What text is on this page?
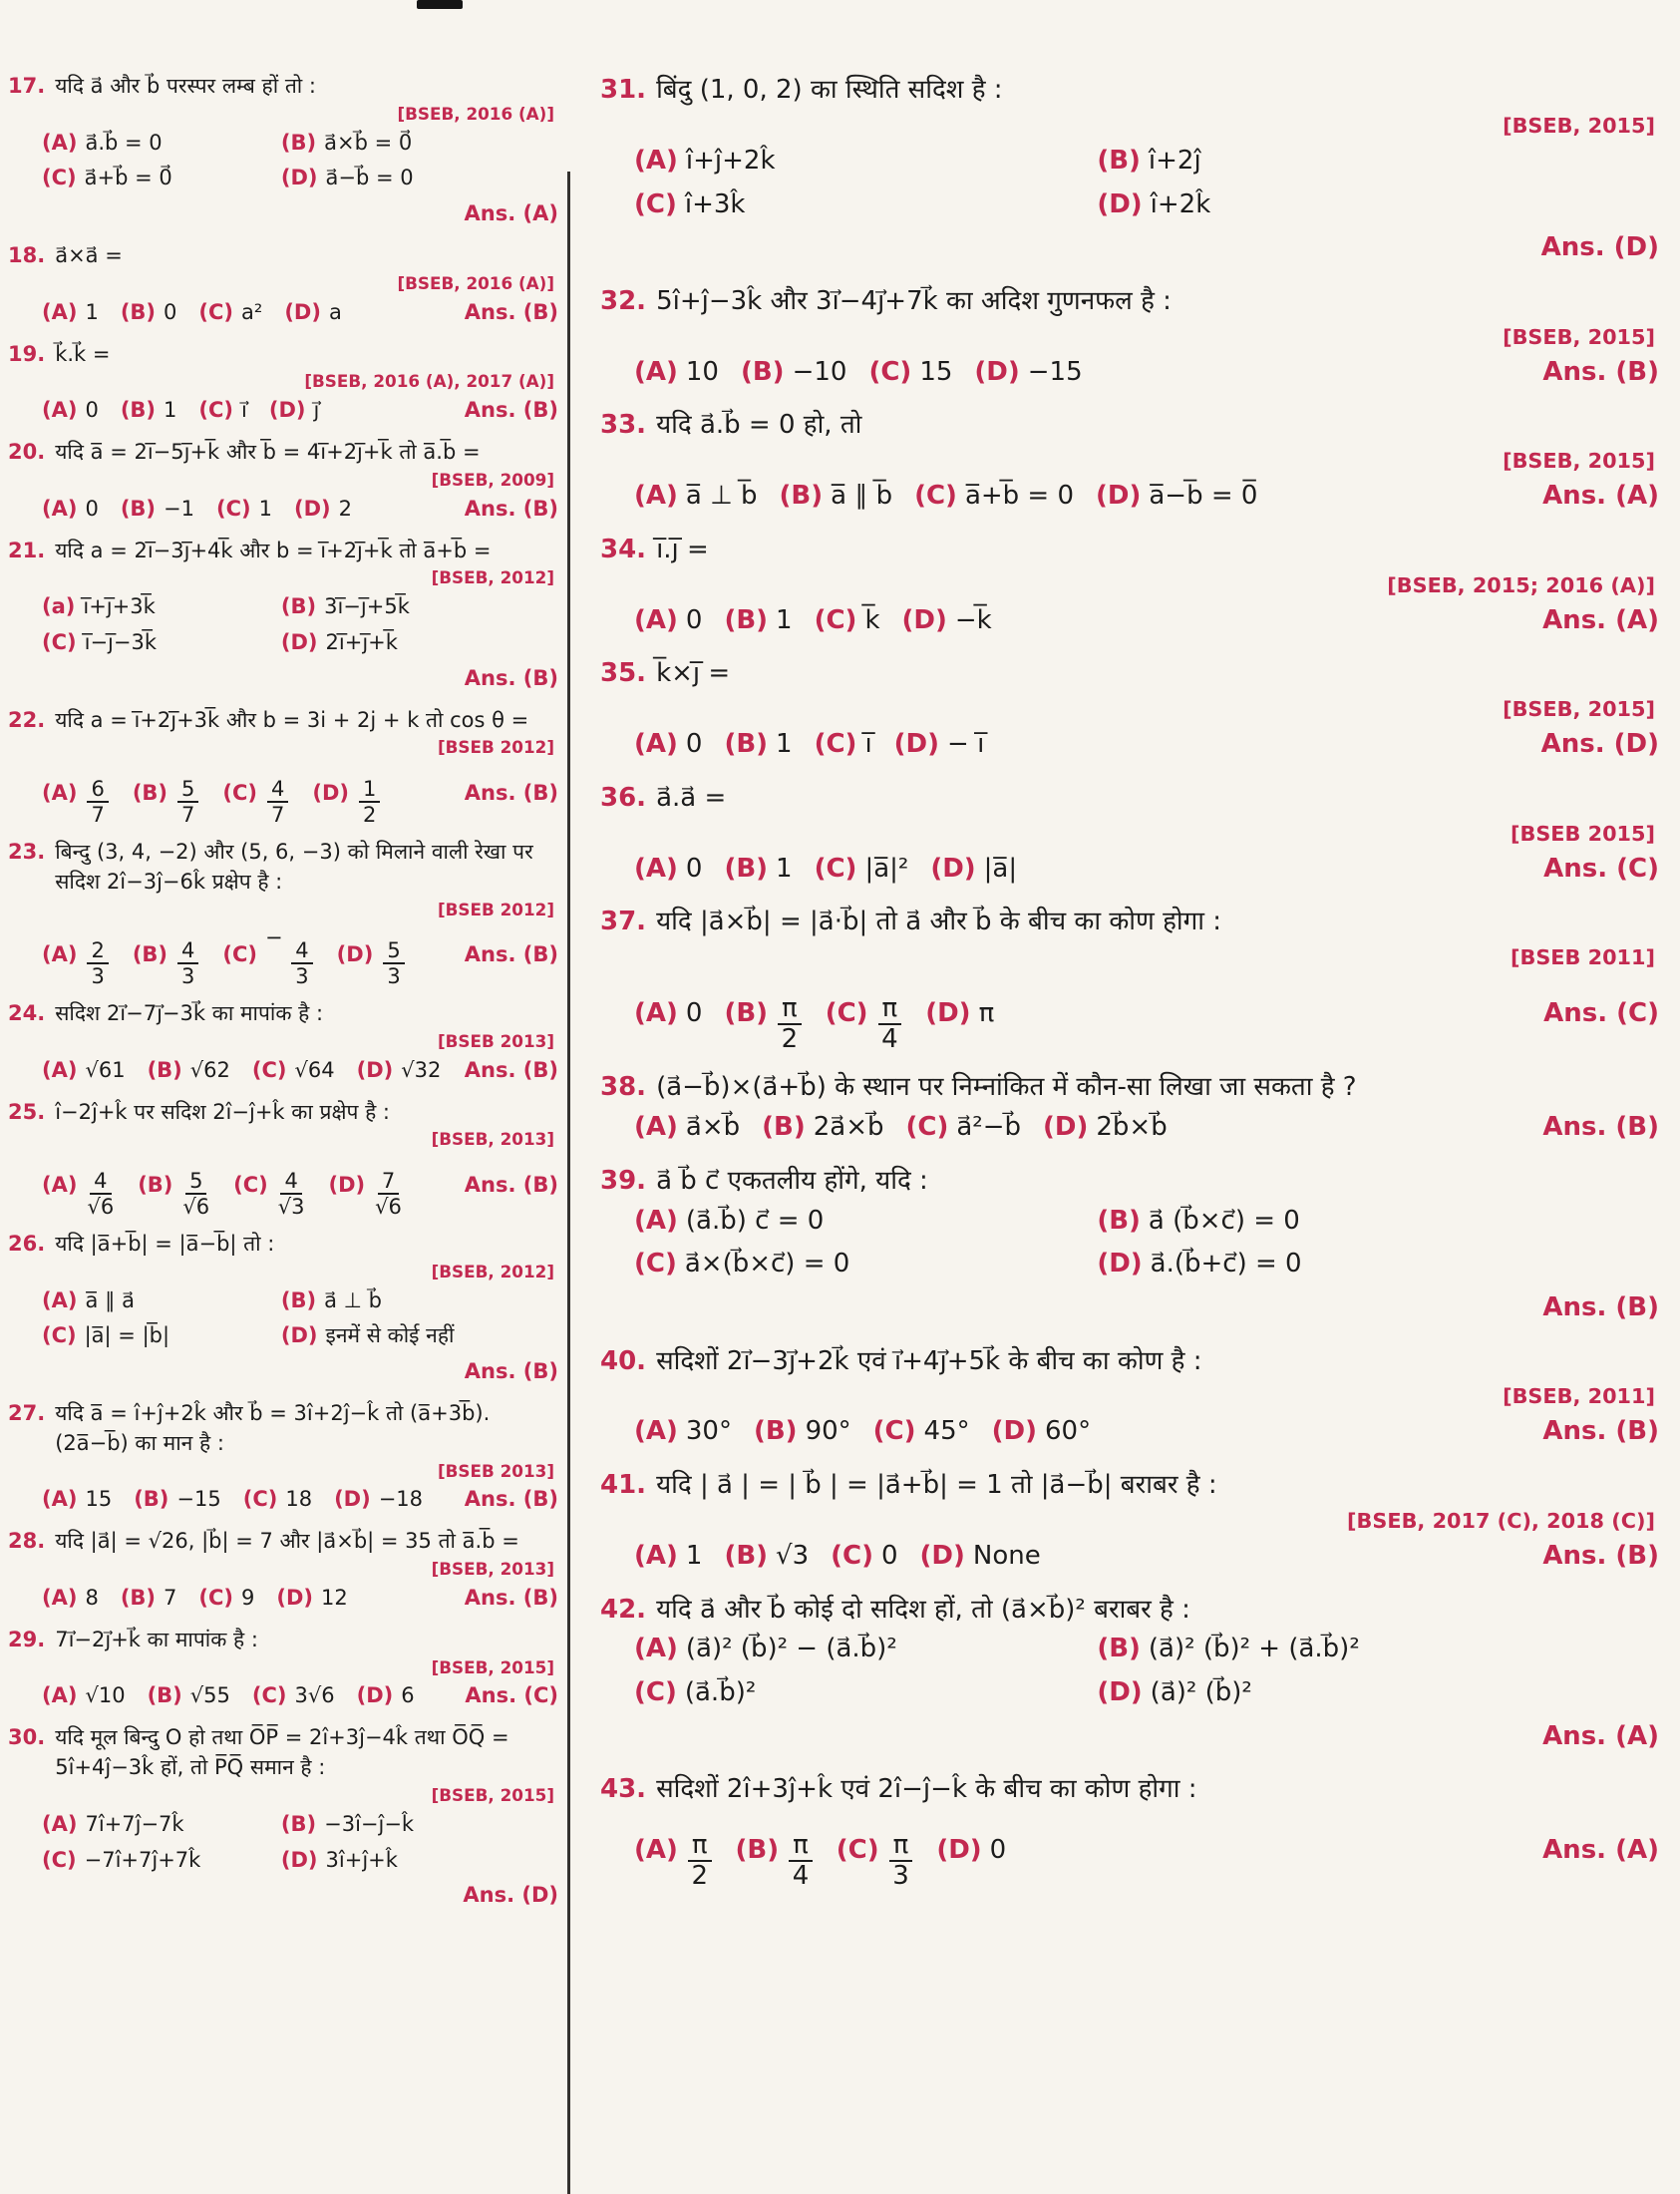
17. यदि a⃗ और b⃗ परस्पर लम्ब हों तो :
[BSEB, 2016 (A)]
(A) a⃗.b⃗ = 0	(B) a⃗×b⃗ = 0⃗
(C) a⃗+b⃗ = 0⃗	(D) a⃗−b⃗ = 0
Ans. (A)
18. a⃗×a⃗ =
[BSEB, 2016 (A)]
(A) 1 (B) 0 (C) a² (D) a	Ans. (B)
19. k⃗.k⃗ =
[BSEB, 2016 (A), 2017 (A)]
(A) 0 (B) 1 (C) i⃗ (D) j⃗	Ans. (B)
20. यदि a̅ = 2i̅−5j̅+k̅ और b̅ = 4i̅+2j̅+k̅ तो a̅.b̅ =
[BSEB, 2009]
(A) 0 (B) −1 (C) 1 (D) 2	Ans. (B)
21. यदि a = 2i̅−3j̅+4k̅ और b = i̅+2j̅+k̅ तो a̅+b̅ =
[BSEB, 2012]
(a) i̅+j̅+3k̅	(B) 3i̅−j̅+5k̅
(C) i̅−j̅−3k̅	(D) 2i̅+j̅+k̅
Ans. (B)
22. यदि a = i̅+2j̅+3k̅ और b = 3i + 2j + k तो cos θ =
[BSEB 2012]
$(A) \frac{6}{7} (B) \frac{5}{7} (C) \frac{4}{7} (D) \frac{1}{2}$	Ans. (B)
23. बिन्दु (3, 4, −2) और (5, 6, −3) को मिलाने वाली रेखा पर सदिश 2î−3ĵ−6k̂ प्रक्षेप है :
[BSEB 2012]
$(A) \frac{2}{3} (B) \frac{4}{3} (C)$
−
$\frac{4}{3} (D) \frac{5}{3}$	Ans. (B)
24. सदिश 2i⃗−7j⃗−3k⃗ का मापांक है :
[BSEB 2013]
(A) √61 (B) √62 (C) √64 (D) √32 Ans. (B)
25. î−2ĵ+k̂ पर सदिश 2î−ĵ+k̂ का प्रक्षेप है :
[BSEB, 2013]
$(A) \frac{4}{√6} (B) \frac{5}{√6} (C) \frac{4}{√3} (D) \frac{7}{√6}$	Ans. (B)
26. यदि |a̅+b̅| = |a̅−b̅| तो :
[BSEB, 2012]
(A) a̅ ∥ a⃗	(B) a⃗ ⊥ b⃗
(C) |a̅| = |b̅|	(D) इनमें से कोई नहीं
Ans. (B)
27. यदि a̅ = î+ĵ+2k̂ और b⃗ = 3î+2ĵ−k̂ तो (a̅+3b̅).(2a̅−b̅) का मान है :
[BSEB 2013]
(A) 15 (B) −15 (C) 18 (D) −18 Ans. (B)
28. यदि |a⃗| = √26, |b⃗| = 7 और |a⃗×b⃗| = 35 तो a̅.b̅ =
[BSEB, 2013]
(A) 8 (B) 7 (C) 9 (D) 12	Ans. (B)
29. 7i⃗−2j⃗+k⃗ का मापांक है :
[BSEB, 2015]
(A) √10 (B) √55 (C) 3√6 (D) 6 Ans. (C)
30. यदि मूल बिन्दु O हो तथा O̅P̅ = 2î+3ĵ−4k̂ तथा O̅Q̅ = 5î+4ĵ−3k̂ हों, तो P̅Q̅ समान है :
[BSEB, 2015]
(A) 7î+7ĵ−7k̂	(B) −3î−ĵ−k̂
(C) −7î+7ĵ+7k̂	(D) 3î+ĵ+k̂
Ans. (D)
31. बिंदु (1, 0, 2) का स्थिति सदिश है :
[BSEB, 2015]
(A) î+ĵ+2k̂	(B) î+2ĵ
(C) î+3k̂	(D) î+2k̂
Ans. (D)
32. 5î+ĵ−3k̂ और 3i⃗−4j⃗+7k⃗ का अदिश गुणनफल है :
[BSEB, 2015]
(A) 10 (B) −10 (C) 15 (D) −15	Ans. (B)
33. यदि a⃗.b⃗ = 0 हो, तो
[BSEB, 2015]
(A) a̅ ⊥ b̅ (B) a̅ ∥ b̅ (C) a̅+b̅ = 0 (D) a̅−b̅ = 0̅	Ans. (A)
34. i̅.j̅ =
[BSEB, 2015; 2016 (A)]
(A) 0 (B) 1 (C) k̅ (D) −k̅	Ans. (A)
35. k̅×j̅ =
[BSEB, 2015]
(A) 0 (B) 1 (C) i̅ (D) − i̅	Ans. (D)
36. a⃗.a⃗ =
[BSEB 2015]
(A) 0 (B) 1 (C) |a̅|² (D) |a̅|	Ans. (C)
37. यदि |a⃗×b⃗| = |a⃗·b⃗| तो a⃗ और b⃗ के बीच का कोण होगा :
[BSEB 2011]
(A) 0 $(B) \frac{\pi}{2} (C) \frac{\pi}{4} (D)$ π	Ans. (C)
38. (a⃗−b⃗)×(a⃗+b⃗) के स्थान पर निम्नांकित में कौन-सा लिखा जा सकता है ?
(A) a⃗×b⃗ (B) 2a⃗×b⃗ (C) a⃗²−b⃗ (D) 2b⃗×b⃗	Ans. (B)
39. a⃗ b⃗ c⃗ एकतलीय होंगे, यदि :
(A) (a⃗.b⃗) c⃗ = 0	(B) a⃗ (b⃗×c⃗) = 0
(C) a⃗×(b⃗×c⃗) = 0	(D) a⃗.(b⃗+c⃗) = 0
Ans. (B)
40. सदिशों 2i⃗−3j⃗+2k⃗ एवं i⃗+4j⃗+5k⃗ के बीच का कोण है :
[BSEB, 2011]
(A) 30° (B) 90° (C) 45° (D) 60°	Ans. (B)
41. यदि | a⃗ | = | b⃗ | = |a⃗+b⃗| = 1 तो |a⃗−b⃗| बराबर है :
[BSEB, 2017 (C), 2018 (C)]
(A) 1 (B) √3 (C) 0 (D) None	Ans. (B)
42. यदि a⃗ और b⃗ कोई दो सदिश हों, तो (a⃗×b⃗)² बराबर है :
(A) (a⃗)² (b⃗)² − (a⃗.b⃗)²	(B) (a⃗)² (b⃗)² + (a⃗.b⃗)²
(C) (a⃗.b⃗)²	(D) (a⃗)² (b⃗)²
Ans. (A)
43. सदिशों 2î+3ĵ+k̂ एवं 2î−ĵ−k̂ के बीच का कोण होगा :
$(A) \frac{\pi}{2} (B) \frac{\pi}{4} (C) \frac{\pi}{3} (D)$ 0	Ans. (A)
